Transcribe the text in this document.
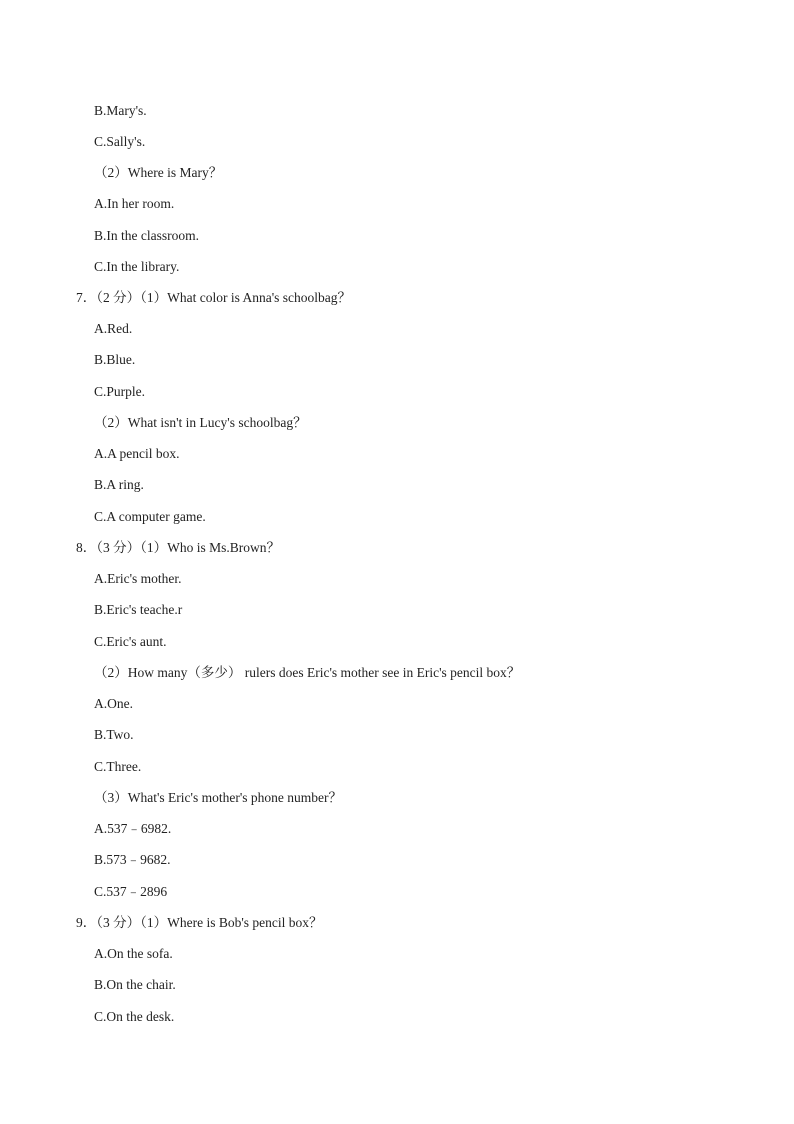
B.Mary's.
C.Sally's.
（2）Where is Mary？
A.In her room.
B.In the classroom.
C.In the library.
7．（2 分）（1）What color is Anna's schoolbag？
A.Red.
B.Blue.
C.Purple.
（2）What isn't in Lucy's schoolbag？
A.A pencil box.
B.A ring.
C.A computer game.
8．（3 分）（1）Who is Ms.Brown？
A.Eric's mother.
B.Eric's teache.r
C.Eric's aunt.
（2）How many（多少） rulers does Eric's mother see in Eric's pencil box？
A.One.
B.Two.
C.Three.
（3）What's Eric's mother's phone number？
A.537﹣6982.
B.573﹣9682.
C.537﹣2896
9．（3 分）（1）Where is Bob's pencil box？
A.On the sofa.
B.On the chair.
C.On the desk.
